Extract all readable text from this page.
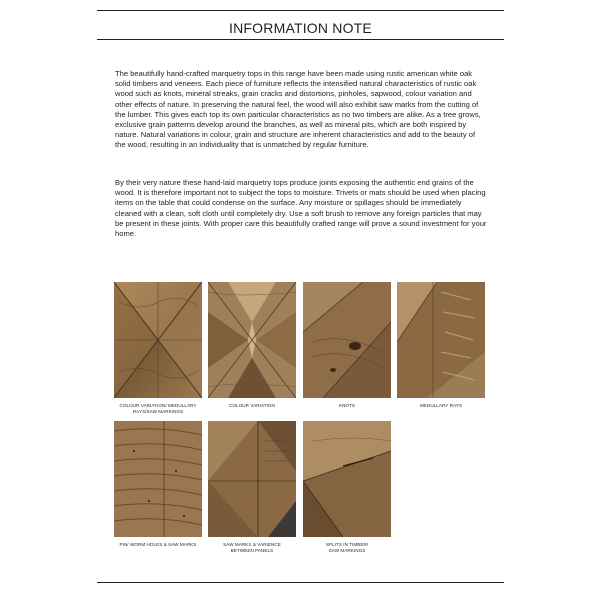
INFORMATION NOTE

The beautifully hand-crafted marquetry tops in this range have been made using rustic american white oak solid timbers and veneers. Each piece of furniture reflects the intensified natural characteristics of rustic oak wood such as knots, mineral streaks, grain cracks and distortions, pinholes, sapwood, colour variation and other effects of nature. In preserving the natural feel, the wood will also exhibit saw marks from the cutting of the lumber. This gives each top its own particular characteristics as no two timbers are alike. As a tree grows, exclusive grain patterns develop around the branches, as well as mineral pits, which are both inspired by nature. Natural variations in colour, grain and structure are inherent characteristics and add to the beauty of the wood, resulting in an individuality that is unmatched by regular furniture.

By their very nature these hand-laid marquetry tops produce joints exposing the authentic end grains of the wood. It is therefore important not to subject the tops to moisture. Trivets or mats should be used when placing items on the table that could condense on the surface. Any moisture or spillages should be immediately cleaned with a clean, soft cloth until completely dry. Use a soft brush to remove any foreign particles that may be present in these joints. With proper care this beautifully crafted range will prove a sound investment for your home.

COLOUR VARIATION/ MEDULLARY
RAYS/SAW MARKINGS
COLOUR VARIATION	KNOTS	MEDULLARY RAYS
PIN/ WORM HOLES & SAW MARKS	SAW MARKS & VARIENCE
BETWEEN PANELS
SPLITS IN TIMBER/
SAW MARKINGS
